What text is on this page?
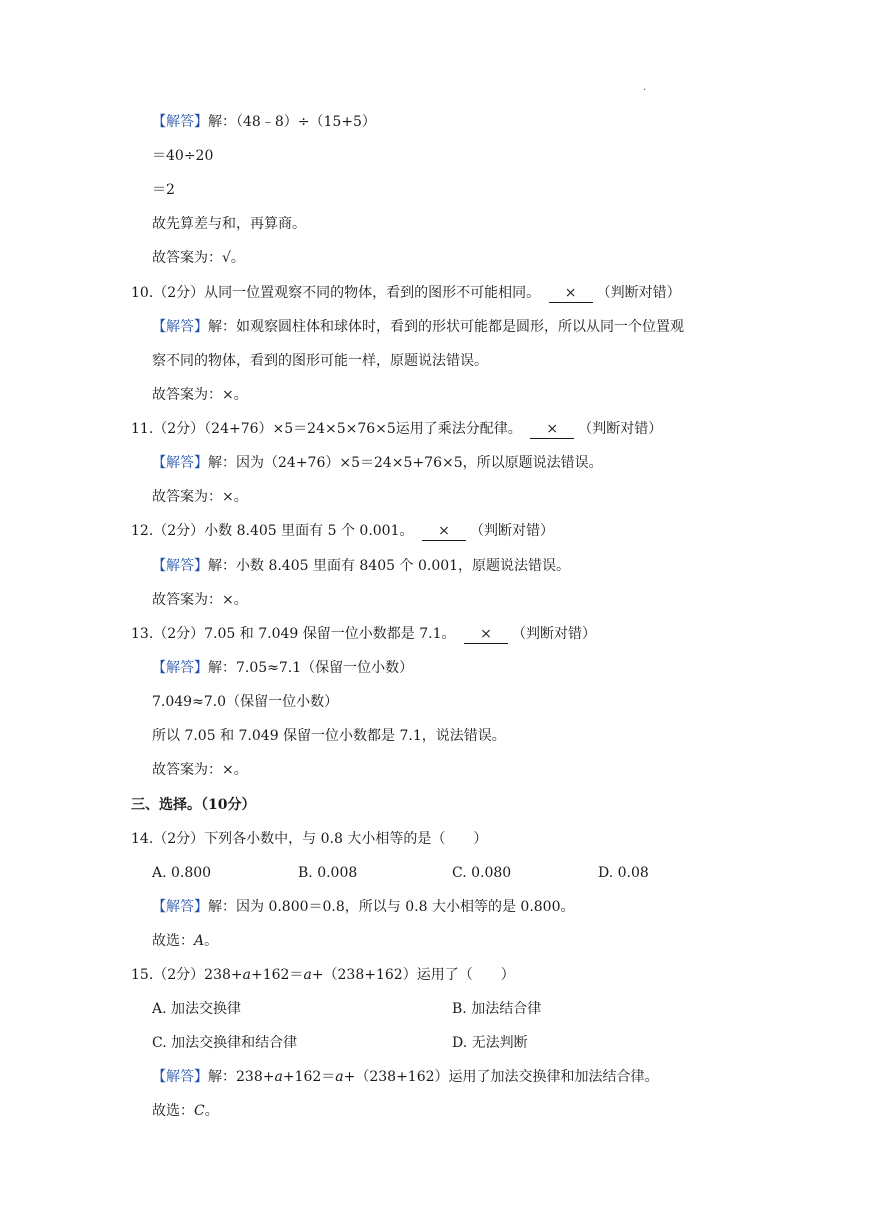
.
【解答】解：（48﹣8）÷（15+5）
＝40÷20
＝2
故先算差与和，再算商。
故答案为：√。
10.（2分）从同一位置观察不同的物体，看到的图形不可能相同。 × （判断对错）
【解答】解：如观察圆柱体和球体时，看到的形状可能都是圆形，所以从同一个位置观
察不同的物体，看到的图形可能一样，原题说法错误。
故答案为：×。
11.（2分）（24+76）×5＝24×5×76×5运用了乘法分配律。 × （判断对错）
【解答】解：因为（24+76）×5＝24×5+76×5，所以原题说法错误。
故答案为：×。
12.（2分）小数 8.405 里面有 5 个 0.001。 × （判断对错）
【解答】解：小数 8.405 里面有 8405 个 0.001，原题说法错误。
故答案为：×。
13.（2分）7.05 和 7.049 保留一位小数都是 7.1。 × （判断对错）
【解答】解：7.05≈7.1（保留一位小数）
7.049≈7.0（保留一位小数）
所以 7.05 和 7.049 保留一位小数都是 7.1，说法错误。
故答案为：×。
三、选择。（10分）
14.（2分）下列各小数中，与 0.8 大小相等的是（　　）
A. 0.800	B. 0.008	C. 0.080	D. 0.08
【解答】解：因为 0.800＝0.8，所以与 0.8 大小相等的是 0.800。
故选：A。
15.（2分）238+a+162＝a+（238+162）运用了（　　）
A. 加法交换律	B. 加法结合律
C. 加法交换律和结合律	D. 无法判断
【解答】解：238+a+162＝a+（238+162）运用了加法交换律和加法结合律。
故选：C。
